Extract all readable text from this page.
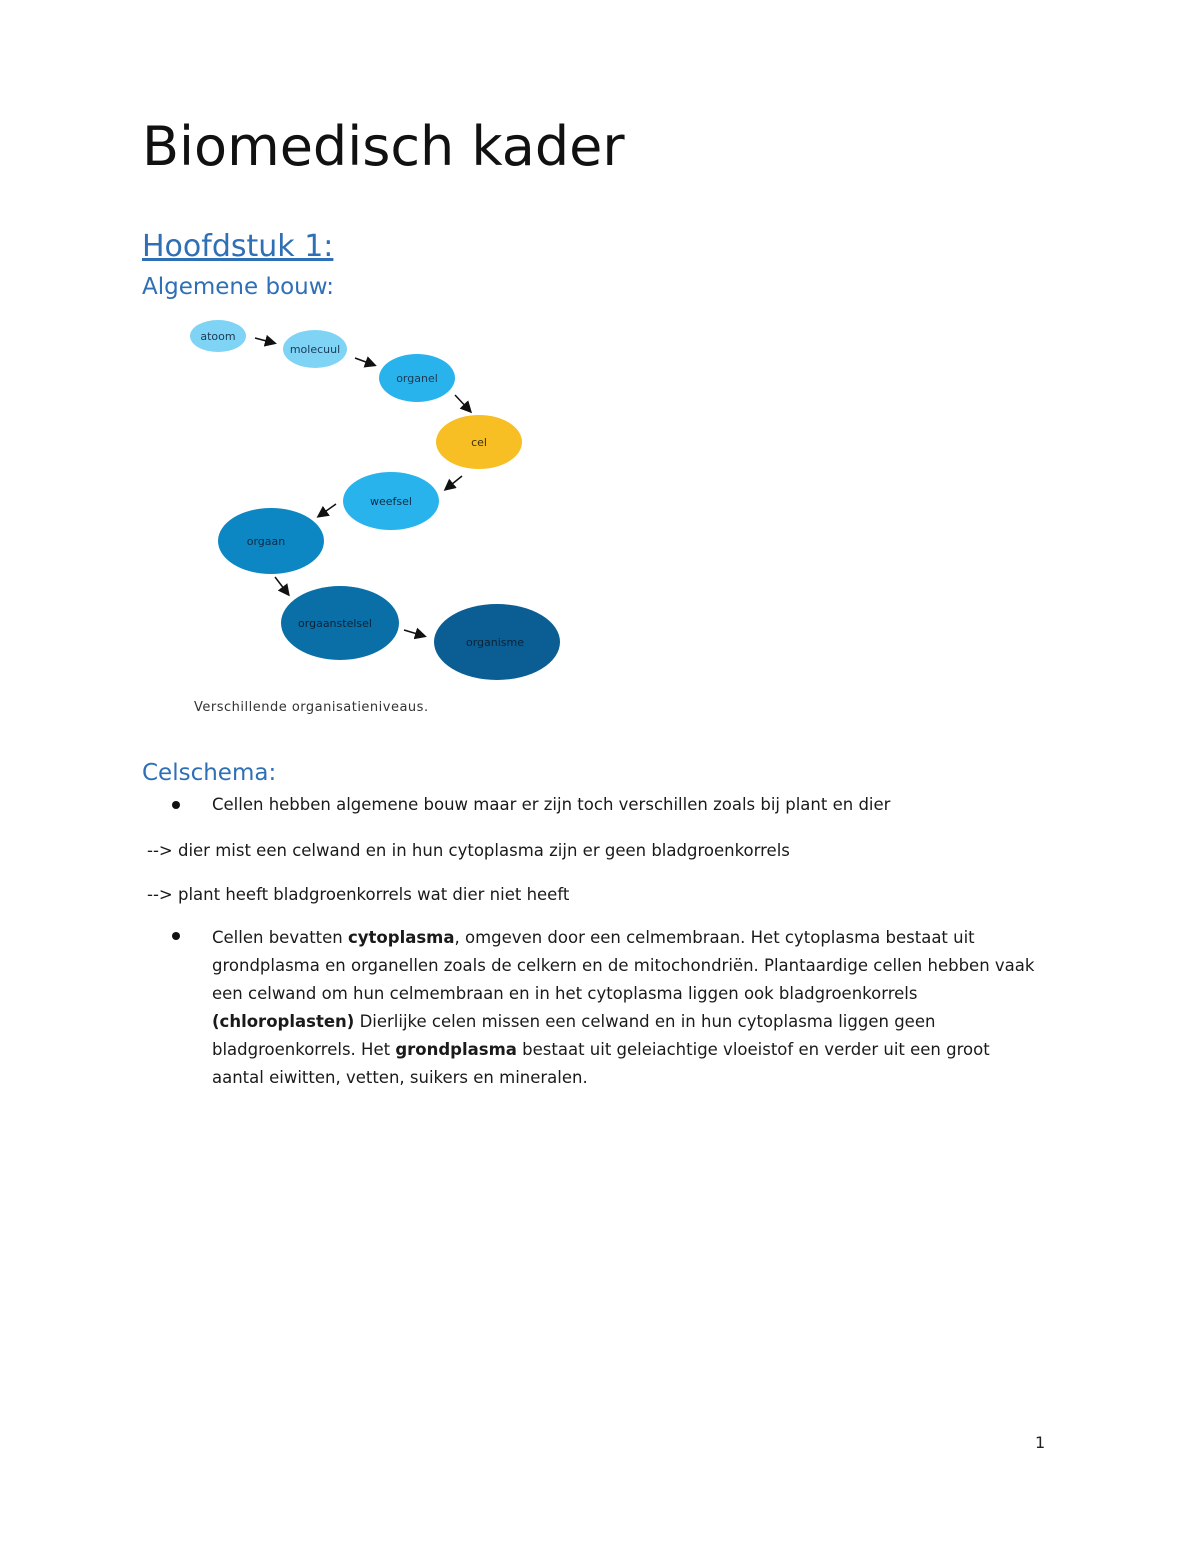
Biomedisch kader
Hoofdstuk 1:
Algemene bouw:
atoom
molecuul
organel
cel
weefsel
orgaan
orgaanstelsel
organisme
Verschillende organisatieniveaus.
Celschema:
Cellen hebben algemene bouw maar er zijn toch verschillen zoals bij plant en dier
--> dier mist een celwand en in hun cytoplasma zijn er geen bladgroenkorrels
--> plant heeft bladgroenkorrels wat dier niet heeft
Cellen bevatten cytoplasma, omgeven door een celmembraan. Het cytoplasma bestaat uit grondplasma en organellen zoals de celkern en de mitochondriën. Plantaardige cellen hebben vaak een celwand om hun celmembraan en in het cytoplasma liggen ook bladgroenkorrels (chloroplasten) Dierlijke celen missen een celwand en in hun cytoplasma liggen geen bladgroenkorrels. Het grondplasma bestaat uit geleiachtige vloeistof en verder uit een groot aantal eiwitten, vetten, suikers en mineralen.
1
